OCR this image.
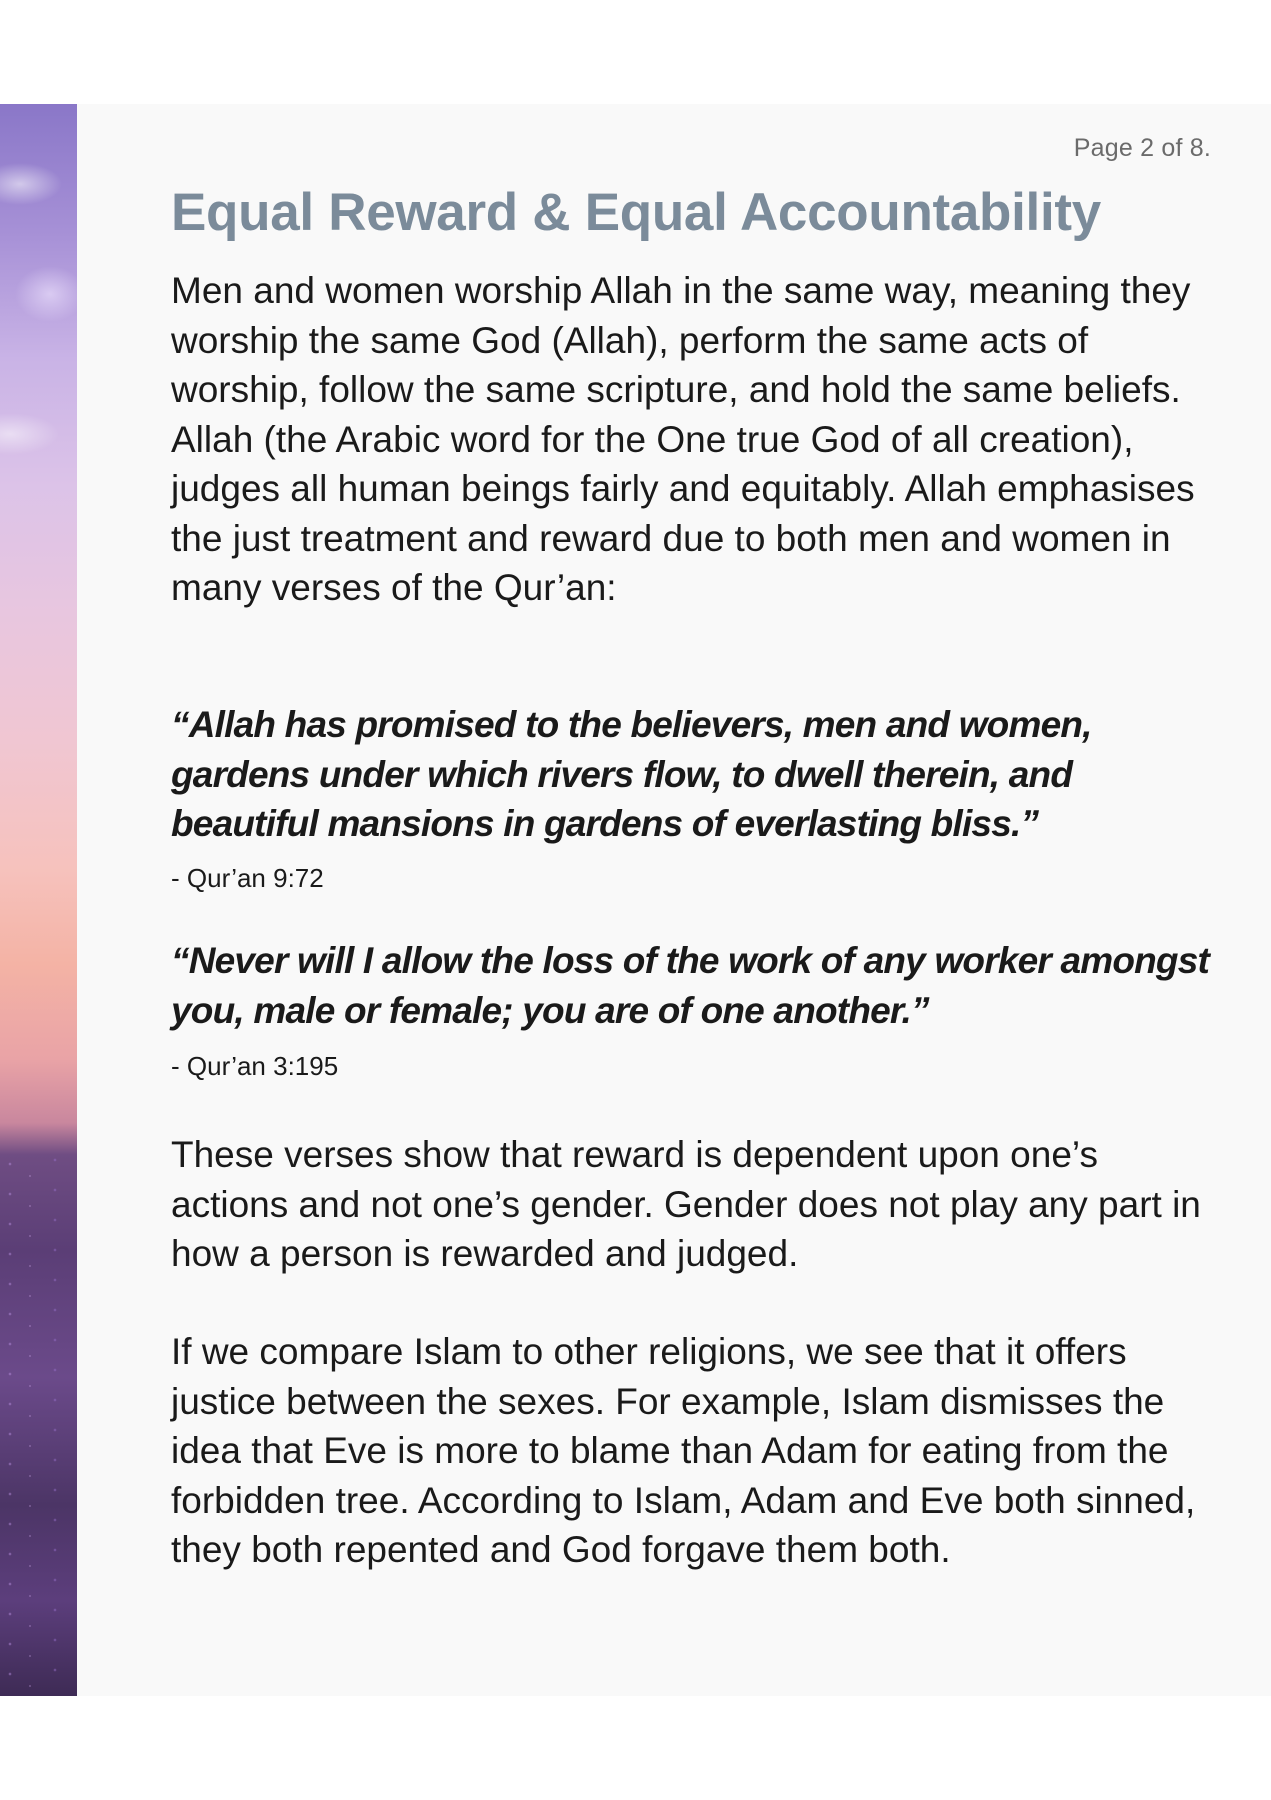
Page 2 of 8.
Equal Reward & Equal Accountability

Men and women worship Allah in the same way, meaning they worship the same God (Allah), perform the same acts of worship, follow the same scripture, and hold the same beliefs. Allah (the Arabic word for the One true God of all creation), judges all human beings fairly and equitably. Allah emphasises the just treatment and reward due to both men and women in many verses of the Qur’an:

“Allah has promised to the believers, men and women, gardens under which rivers flow, to dwell therein, and beautiful mansions in gardens of everlasting bliss.”

- Qur’an 9:72

“Never will I allow the loss of the work of any worker amongst you, male or female; you are of one another.”

- Qur’an 3:195

These verses show that reward is dependent upon one’s actions and not one’s gender. Gender does not play any part in how a person is rewarded and judged.

If we compare Islam to other religions, we see that it offers justice between the sexes. For example, Islam dismisses the idea that Eve is more to blame than Adam for eating from the forbidden tree. According to Islam, Adam and Eve both sinned, they both repented and God forgave them both.
